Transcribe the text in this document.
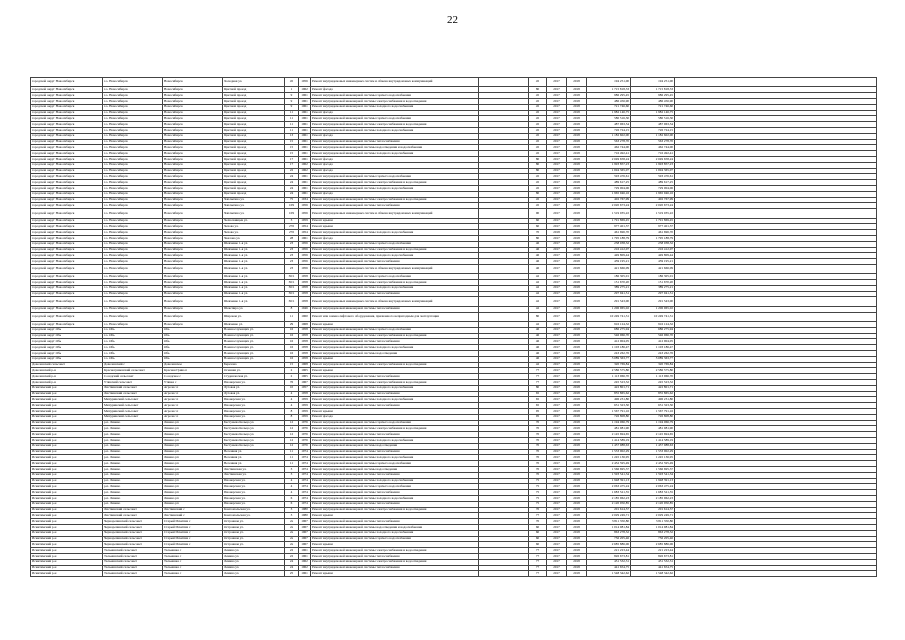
22
городской округ Новосибирск	г.о. Новосибирск	Новосибирск	Холодная ул.	45	1956	Ремонт внутридомовых инженерных систем и обмена внутридомовых коммуникаций		45	2017	2018	194 251,00	194 251,00	
городской округ Новосибирск	г.о. Новосибирск	Новосибирск	Цветной проезд	1	1962	Ремонт фасада		80	2017	2018	1 715 818,33	1 715 818,33	
городской округ Новосибирск	г.о. Новосибирск	Новосибирск	Цветной проезд	9	1961	Ремонт внутридомовой инженерной системы горячего водоснабжения		45	2017	2018	986 295,45	986 295,45	
городской округ Новосибирск	г.о. Новосибирск	Новосибирск	Цветной проезд	9	1961	Ремонт внутридомовой инженерной системы электроснабжения и водоотведения		45	2017	2018	486 456,90	486 456,90	
городской округ Новосибирск	г.о. Новосибирск	Новосибирск	Цветной проезд	9	1961	Ремонт внутридомовой инженерной системы холодного водоснабжения		45	2017	2018	721 746,60	721 746,60	
городской округ Новосибирск	г.о. Новосибирск	Новосибирск	Цветной проезд	11	1961	Ремонт фасада		45	2017	2018	1 982 146,75	1 982 146,75	
городской округ Новосибирск	г.о. Новосибирск	Новосибирск	Цветной проезд	11	1961	Ремонт внутридомовой инженерной системы горячего водоснабжения		45	2017	2018	580 516,30	580 516,30	
городской округ Новосибирск	г.о. Новосибирск	Новосибирск	Цветной проезд	11	1961	Ремонт внутридомовой инженерной системы электроснабжения и водоотведения		45	2017	2018	487 963,54	487 963,54	
городской округ Новосибирск	г.о. Новосибирск	Новосибирск	Цветной проезд	11	1961	Ремонт внутридомовой инженерной системы холодного водоснабжения		45	2017	2018	726 724,15	726 724,15	
городской округ Новосибирск	г.о. Новосибирск	Новосибирск	Цветной проезд	13	1961	Ремонт фасада		45	2017	2018	1 182 602,00	1 182 602,00	
городской округ Новосибирск	г.о. Новосибирск	Новосибирск	Цветной проезд	15	1961	Ремонт внутридомовой инженерной системы теплоснабжения		45	2017	2018	563 278,70	563 278,70	
городской округ Новосибирск	г.о. Новосибирск	Новосибирск	Цветной проезд	15	1961	Ремонт внутридомовой инженерной системы водоотведения и водоснабжения		45	2017	2018	462 744,00	462 744,00	
городской округ Новосибирск	г.о. Новосибирск	Новосибирск	Цветной проезд	15	1961	Ремонт внутридомовой инженерной системы холодного водоснабжения		45	2017	2018	716 492,41	716 492,41	
городской округ Новосибирск	г.о. Новосибирск	Новосибирск	Цветной проезд	17	1961	Ремонт фасада		80	2017	2018	2 049 658,24	2 049 658,24	
городской округ Новосибирск	г.о. Новосибирск	Новосибирск	Цветной проезд	17	1962	Ремонт фасада		80	2017	2018	1 993 857,23	1 993 857,23	
городской округ Новосибирск	г.о. Новосибирск	Новосибирск	Цветной проезд	22	1962	Ремонт фасада		80	2017	2018	1 694 365,07	1 694 365,07	
городской округ Новосибирск	г.о. Новосибирск	Новосибирск	Цветной проезд	24	1961	Ремонт внутридомовой инженерной системы горячего водоснабжения		45	2017	2018	593 476,61	593 476,61	
городской округ Новосибирск	г.о. Новосибирск	Новосибирск	Цветной проезд	24	1961	Ремонт внутридомовой инженерной системы электроснабжения и водоотведения		45	2017	2018	489 617,25	489 617,25	
городской округ Новосибирск	г.о. Новосибирск	Новосибирск	Цветной проезд	24	1961	Ремонт внутридомовой инженерной системы холодного водоснабжения		45	2017	2018	729 004,06	729 004,06	
городской округ Новосибирск	г.о. Новосибирск	Новосибирск	Цветной проезд	24	1961	Ремонт фасада		80	2017	2018	1 965 946,16	1 965 946,16	
городской округ Новосибирск	г.о. Новосибирск	Новосибирск	Чаплыгина ул.	75	1934	Ремонт внутридомовой инженерной системы электроснабжения и водоотведения		45	2017	2018	402 767,99	402 767,99	
городской округ Новосибирск	г.о. Новосибирск	Новосибирск	Чаплыгина ул.	109	1956	Ремонт внутридомовой инженерной системы теплоснабжения		45	2017	2018	2 020 673,24	2 020 673,24	
городской округ Новосибирск	г.о. Новосибирск	Новосибирск	Чаплыгина ул.	109	1956	Ремонт внутридомовых инженерных систем и обмена внутридомовых коммуникаций		90	2017	2018	1 519 035,22	1 519 035,22	
городской округ Новосибирск	г.о. Новосибирск	Новосибирск	Челюскинцев ул.	3	1959	Ремонт крыши		60	2017	2018	1 791 869,45	1 791 869,45	
городской округ Новосибирск	г.о. Новосибирск	Новосибирск	Чехова ул.	276	1954	Ремонт крыши		60	2017	2018	977 401,37	977 401,37	
городской округ Новосибирск	г.о. Новосибирск	Новосибирск	Чехова ул.	276	1954	Ремонт внутридомовой инженерной системы холодного водоснабжения		70	2018	2019	461 696,70	461 696,70	
городской округ Новосибирск	г.о. Новосибирск	Новосибирск	Чкалова ул.	28	1961	Ремонт фасада		80	2017	2018	1 795 188,79	1 795 188,79	
городской округ Новосибирск	г.о. Новосибирск	Новосибирск	Шевченко 1-я ул.	23	1956	Ремонт внутридомовой инженерной системы горячего водоснабжения		46	2017	2018	238 038,32	238 038,32	
городской округ Новосибирск	г.о. Новосибирск	Новосибирск	Шевченко 1-я ул.	23	1956	Ремонт внутридомовой инженерной системы электроснабжения и водоотведения		46	2017	2018	216 412,07	216 412,07	
городской округ Новосибирск	г.о. Новосибирск	Новосибирск	Шевченко 1-я ул.	23	1956	Ремонт внутридомовой инженерной системы холодного водоснабжения		46	2017	2018	449 809,44	449 809,44	
городской округ Новосибирск	г.о. Новосибирск	Новосибирск	Шевченко 1-я ул.	23	1956	Ремонт внутридомовой инженерной системы теплоснабжения		46	2017	2018	459 195,21	459 195,21	
городской округ Новосибирск	г.о. Новосибирск	Новосибирск	Шевченко 1-я ул.	23	1956	Ремонт внутридомовых инженерных систем и обмена внутридомовых коммуникаций		46	2017	2018	421 666,09	421 666,09	
городской округ Новосибирск	г.о. Новосибирск	Новосибирск	Шевченко 1-я ул.	36/1	1958	Ремонт внутридомовой инженерной системы горячего водоснабжения		42	2017	2018	186 305,01	186 305,01	
городской округ Новосибирск	г.о. Новосибирск	Новосибирск	Шевченко 1-я ул.	36/1	1958	Ремонт внутридомовой инженерной системы электроснабжения и водоотведения		42	2017	2018	151 670,20	151 670,20	
городской округ Новосибирск	г.о. Новосибирск	Новосибирск	Шевченко 1-я ул.	36/1	1958	Ремонт внутридомовой инженерной системы холодного водоснабжения		42	2017	2018	389 275,21	389 275,21	
городской округ Новосибирск	г.о. Новосибирск	Новосибирск	Шевченко 1-я ул.	36/1	1958	Ремонт внутридомовой инженерной системы теплоснабжения		42	2017	2018	297 941,51	297 941,51	
городской округ Новосибирск	г.о. Новосибирск	Новосибирск	Шевченко 1-я ул.	36/1	1958	Ремонт внутридомовых инженерных систем и обмена внутридомовых коммуникаций		42	2017	2018	291 543,00	291 543,00	
городской округ Новосибирск	г.о. Новосибирск	Новосибирск	Шекспира ул.	8	1946	Ремонт внутридомовой инженерной системы теплоснабжения		42	2017	2018	1 206 965,02	1 206 965,02	
городской округ Новосибирск	г.о. Новосибирск	Новосибирск	Широкая ул.	11	1960	Ремонт или замена лифтового оборудования, признанного непригодным для эксплуатации		80	2017	2018	10 249 741,31	10 249 741,31	
городской округ Новосибирск	г.о. Новосибирск	Новосибирск	Шевченко ул.	29	1968	Ремонт крыши		42	2017	2018	916 124,32	916 124,32	
городской округ Обь	г.о. Обь	Обь	Военнослужащих ул.	16	1958	Ремонт внутридомовой инженерной системы горячего водоснабжения		46	2017	2018	686 275,94	686 275,94	
городской округ Обь	г.о. Обь	Обь	Военнослужащих ул.	16	1958	Ремонт внутридомовой инженерной системы электроснабжения и водоотведения		46	2017	2018	546 966,70	546 966,70	
городской округ Обь	г.о. Обь	Обь	Военнослужащих ул.	16	1958	Ремонт внутридомовой инженерной системы теплоснабжения		46	2017	2018	412 904,05	412 904,05	
городской округ Обь	г.о. Обь	Обь	Военнослужащих ул.	16	1958	Ремонт внутридомовой инженерной системы холодного водоснабжения		46	2017	2018	1 103 186,47	1 103 186,47	
городской округ Обь	г.о. Обь	Обь	Военнослужащих ул.	16	1958	Ремонт внутридомовой инженерной системы водоотведения		46	2017	2018	243 262,76	243 262,76	
городской округ Обь	г.о. Обь	Обь	Военнослужащих ул.	16	1958	Ремонт крыши		46	2017	2018	3 089 363,77	3 089 363,77	
Доволенский сельсовет	Доволенский с	Доволенское	Березова	15	1968	Ремонт внутридомовой инженерной системы электроснабжения и водоотведения		42	2017	2018	320 769,84	320 769,84	
Доволенский р-н	Красногривенский сельсовет	Красная Грива п	Осенняя ул.	2	1965	Ремонт крыши		77	2017	2018	2 586 575,80	2 586 575,80	
Доволенский р-н	Соседский сельсовет	Соседское с	Студенческая ул.	2	1965	Ремонт внутридомовой инженерной системы теплоснабжения		77	2017	2018	1 113 966,70	1 113 966,70	
Доволенский р-н	Утянский сельсовет	Утянка с	Пионерская ул.	76	1967	Ремонт внутридомовой инженерной системы электроснабжения и водоотведения		77	2017	2018	245 523,32	245 523,32	
Искитимский р-н	Листвянский сельсовет	Агролес п	Луговая ул.	10	1957	Ремонт внутридомовой инженерной системы холодного водоснабжения		80	2017	2018	422 801,71	422 801,71	
Искитимский р-н	Листвянский сельсовет	Агролес п	Луговая ул.	4	1958	Ремонт внутридомовой инженерной системы теплоснабжения		65	2017	2018	855 865,62	855 865,62	
Искитимский р-н	Мичуринский сельсовет	Агролес п	Пионерская ул.	4	1959	Ремонт внутридомовой инженерной системы холодного водоснабжения		65	2017	2018	496 231,80	496 231,80	
Искитимский р-н	Мичуринский сельсовет	Агролес п	Пионерская ул.	4	1959	Ремонт внутридомовой инженерной системы теплоснабжения		65	2017	2018	631 323,50	631 323,50	
Искитимский р-н	Мичуринский сельсовет	Агролес п	Пионерская ул.	8	1959	Ремонт крыши		95	2017	2018	1 567 791,16	1 567 791,16	
Искитимский р-н	Мичуринский сельсовет	Агролес п	Пионерская ул.	8	1959	Ремонт фасада		95	2017	2018	726 808,80	726 808,80	
Искитимский р-н	р.п. Линево	Линево рп	Бестужева Кольца ул.	12	1976	Ремонт внутридомовой инженерной системы горячего водоснабжения		70	2017	2018	1 194 066,79	1 194 066,79	
Искитимский р-н	р.п. Линево	Линево рп	Бестужева Кольца ул.	12	1976	Ремонт внутридомовой инженерной системы электроснабжения и водоотведения		70	2017	2018	481 981,90	481 981,90	
Искитимский р-н	р.п. Линево	Линево рп	Бестужева Кольца ул.	12	1976	Ремонт внутридомовой инженерной системы теплоснабжения		70	2017	2018	2 145 694,65	2 145 694,65	
Искитимский р-н	р.п. Линево	Линево рп	Бестужева Кольца ул.	12	1976	Ремонт внутридомовой инженерной системы холодного водоснабжения		70	2017	2018	1 414 589,19	1 414 589,19	
Искитимский р-н	р.п. Линево	Линево рп	Бестужева Кольца ул.	12	1976	Ремонт внутридомовой инженерной системы водоотведения		70	2017	2018	1 457 988,63	1 457 988,63	
Искитимский р-н	р.п. Линево	Линево рп	Весенняя ул.	11	1974	Ремонт внутридомовой инженерной системы теплоснабжения		70	2017	2018	1 533 902,29	1 533 902,29	
Искитимский р-н	р.п. Линево	Линево рп	Весенняя ул.	11	1974	Ремонт внутридомовой инженерной системы холодного водоснабжения		70	2017	2018	1 245 136,95	1 245 136,95	
Искитимский р-н	р.п. Линево	Линево рп	Весенняя ул.	11	1974	Ремонт внутридомовой инженерной системы горячего водоснабжения		70	2017	2018	2 452 595,49	2 452 595,49	
Искитимский р-н	р.п. Линево	Линево рп	Листвянская ул.	3	1974	Ремонт внутридомовой инженерной системы водоотведения		70	2017	2018	1 566 695,37	1 566 695,37	
Искитимский р-н	р.п. Линево	Линево рп	Листвянская ул.	3	1974	Ремонт внутридомовой инженерной системы теплоснабжения		70	2017	2018	1 593 541,34	1 593 541,34	
Искитимский р-н	р.п. Линево	Линево рп	Пионерская ул.	4	1974	Ремонт внутридомовой инженерной системы холодного водоснабжения		75	2017	2018	1 948 391,13	1 948 391,13	
Искитимский р-н	р.п. Линево	Линево рп	Пионерская ул.	4	1974	Ремонт внутридомовой инженерной системы горячего водоснабжения		75	2017	2018	2 063 475,24	2 063 475,24	
Искитимский р-н	р.п. Линево	Линево рп	Пионерская ул.	4	1974	Ремонт внутридомовой инженерной системы теплоснабжения		75	2017	2018	1 683 521,55	1 683 521,55	
Искитимский р-н	р.п. Линево	Линево рп	Пионерская ул.	6	1974	Ремонт внутридомовой инженерной системы холодного водоснабжения		75	2017	2018	2 185 962,23	2 185 962,23	
Искитимский р-н	р.п. Линево	Линево рп	Пионерская ул.	6	1974	Ремонт внутридомовой инженерной системы теплоснабжения		75	2017	2018	2 120 950,85	2 120 950,85	
Искитимский р-н	Листвянский сельсовет	Листвянский с	Комсомольская ул.	3	1980	Ремонт внутридомовой инженерной системы электроснабжения и водоотведения		70	2017	2018	201 614,57	201 614,57	
Искитимский р-н	Листвянский сельсовет	Листвянский с	Комсомольская ул.	3	1980	Ремонт крыши		77	2017	2018	2 029 249,71	2 029 249,71	
Искитимский р-н	Черноречинский сельсовет	Старый Искитим с	Островная ул.	2а	1967	Ремонт внутридомовой инженерной системы теплоснабжения		70	2017	2018	3 811 350,80	3 811 350,80	
Искитимский р-н	Черноречинский сельсовет	Старый Искитим с	Островная ул.	2а	1967	Ремонт внутридомовой инженерной системы водоотведения и водоснабжения		60	2017	2018	1 014 981,84	1 014 981,84	
Искитимский р-н	Черноречинский сельсовет	Старый Искитим с	Островная ул.	2а	1967	Ремонт внутридомовой инженерной системы холодного водоснабжения		60	2017	2018	863 278,32	863 278,32	
Искитимский р-н	Черноречинский сельсовет	Старый Искитим с	Островная ул.	2а	1967	Ремонт внутридомовой инженерной системы горячего водоснабжения		60	2017	2018	756 205,46	756 205,46	
Искитимский р-н	Черноречинский сельсовет	Старый Искитим с	Островная ул.	2а	1967	Ремонт крыши		60	2017	2018	2 685 886,06	2 685 886,06	
Искитимский р-н	Тальменский сельсовет	Тальменка с	Ленина ул.	22	1961	Ремонт внутридомовой инженерной системы электроснабжения и водоотведения		77	2017	2018	221 223,44	221 223,44	
Искитимский р-н	Тальменский сельсовет	Тальменка с	Ленина ул.	22	1961	Ремонт внутридомовой инженерной системы теплоснабжения		77	2017	2018	826 673,81	826 673,81	
Искитимский р-н	Тальменский сельсовет	Тальменка с	Ленина ул.	24	1962	Ремонт внутридомовой инженерной системы электроснабжения и водоотведения		77	2017	2018	451 532,31	451 532,31	
Искитимский р-н	Тальменский сельсовет	Тальменка с	Ленина ул.	24	1962	Ремонт внутридомовой инженерной системы теплоснабжения		77	2017	2018	441 654,75	441 654,75	
Искитимский р-н	Тальменский сельсовет	Тальменка с	Ленина ул.	25	1961	Ремонт крыши		77	2017	2018	1 548 342,62	1 548 342,62	
